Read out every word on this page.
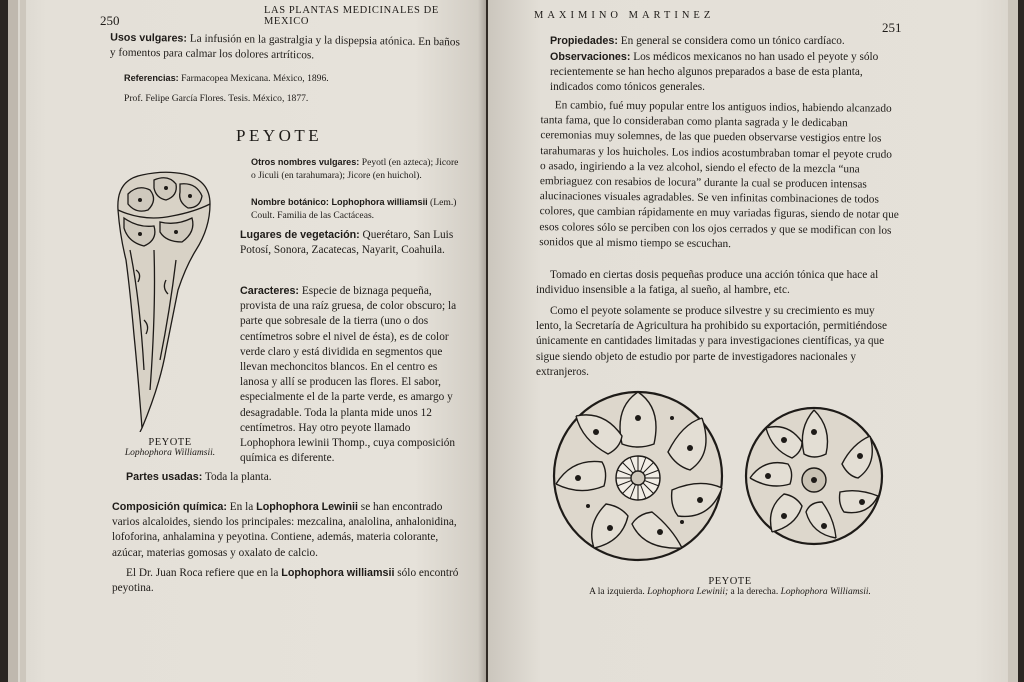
250
LAS PLANTAS MEDICINALES DE MEXICO

Usos vulgares: La infusión en la gastralgia y la dispepsia atónica. En baños y fomentos para calmar los dolores artríticos.

Referencias: Farmacopea Mexicana. México, 1896.

Prof. Felipe García Flores. Tesis. México, 1877.

PEYOTE

Otros nombres vulgares: Peyotl (en azteca); Jicore o Jiculi (en tarahumara); Jicore (en huichol).

Nombre botánico: Lophophora williamsii (Lem.) Coult. Familia de las Cactáceas.

Lugares de vegetación: Querétaro, San Luis Potosí, Sonora, Zacatecas, Nayarit, Coahuila.

Caracteres: Especie de biznaga pequeña, provista de una raíz gruesa, de color obscuro; la parte que sobresale de la tierra (uno o dos centímetros sobre el nivel de ésta), es de color verde claro y está dividida en segmentos que llevan mechoncitos blancos. En el centro es lanosa y allí se producen las flores. El sabor, especialmente el de la parte verde, es amargo y desagradable. Toda la planta mide unos 12 centímetros. Hay otro peyote llamado Lophophora lewinii Thomp., cuya composición química es diferente.

PEYOTE
Lophophora Williamsii.

Partes usadas: Toda la planta.

Composición química: En la Lophophora Lewinii se han encontrado varios alcaloides, siendo los principales: mezcalina, analolina, anhalonidina, lofoforina, anhalamina y peyotina. Contiene, además, materia colorante, azúcar, materias gomosas y oxalato de calcio.

El Dr. Juan Roca refiere que en la Lophophora williamsii sólo encontró peyotina.

MAXIMINO MARTINEZ
251

Propiedades: En general se considera como un tónico cardíaco.

Observaciones: Los médicos mexicanos no han usado el peyote y sólo recientemente se han hecho algunos preparados a base de esta planta, indicados como tónicos generales.

En cambio, fué muy popular entre los antiguos indios, habiendo alcanzado tanta fama, que lo consideraban como planta sagrada y le dedicaban ceremonias muy solemnes, de las que pueden observarse vestigios entre los tarahumaras y los huicholes. Los indios acostumbraban tomar el peyote crudo o asado, ingiriendo a la vez alcohol, siendo el efecto de la mezcla “una embriaguez con resabios de locura” durante la cual se producen intensas alucinaciones visuales agradables. Se ven infinitas combinaciones de todos colores, que cambian rápidamente en muy variadas figuras, siendo de notar que esos colores sólo se perciben con los ojos cerrados y que se modifican con los sonidos que al mismo tiempo se escuchan.

Tomado en ciertas dosis pequeñas produce una acción tónica que hace al individuo insensible a la fatiga, al sueño, al hambre, etc.

Como el peyote solamente se produce silvestre y su crecimiento es muy lento, la Secretaría de Agricultura ha prohibido su exportación, permitiéndose únicamente en cantidades limitadas y para investigaciones científicas, ya que sigue siendo objeto de estudio por parte de investigadores nacionales y extranjeros.

PEYOTE
A la izquierda. Lophophora Lewinii; a la derecha. Lophophora Williamsii.
